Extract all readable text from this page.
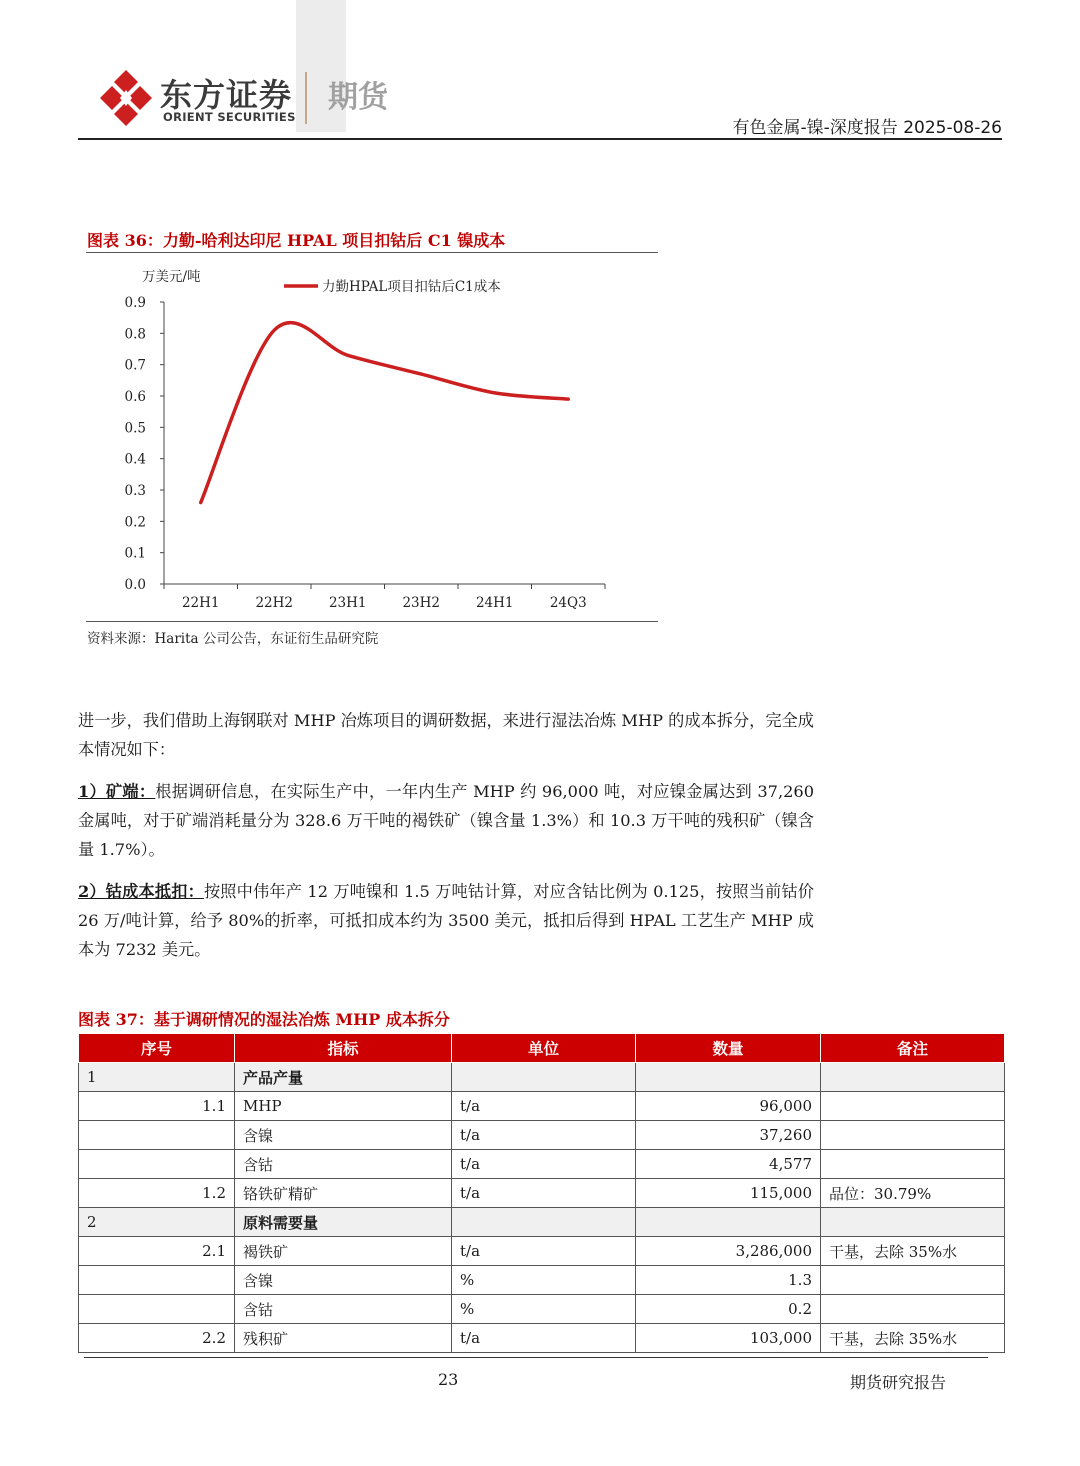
东方证券
ORIENT SECURITIES
期货
有色金属-镍-深度报告 2025-08-26
图表 36：力勤-哈利达印尼 HPAL 项目扣钴后 C1 镍成本
万美元/吨
力勤HPAL项目扣钴后C1成本
0.0
0.1
0.2
0.3
0.4
0.5
0.6
0.7
0.8
0.9
22H1	22H2	23H1	23H2	24H1	24Q3
资料来源：Harita 公司公告，东证衍生品研究院
进一步，我们借助上海钢联对 MHP 冶炼项目的调研数据，来进行湿法冶炼 MHP 的成本拆分，完全成本情况如下：
1）矿端：根据调研信息，在实际生产中，一年内生产 MHP 约 96,000 吨，对应镍金属达到 37,260 金属吨，对于矿端消耗量分为 328.6 万干吨的褐铁矿（镍含量 1.3%）和 10.3 万干吨的残积矿（镍含量 1.7%）。
2）钴成本抵扣：按照中伟年产 12 万吨镍和 1.5 万吨钴计算，对应含钴比例为 0.125，按照当前钴价 26 万/吨计算，给予 80%的折率，可抵扣成本约为 3500 美元，抵扣后得到 HPAL 工艺生产 MHP 成本为 7232 美元。
图表 37：基于调研情况的湿法冶炼 MHP 成本拆分
序号	指标	单位	数量	备注
1	产品产量			
1.1	MHP	t/a	96,000	
	含镍	t/a	37,260	
	含钴	t/a	4,577	
1.2	铬铁矿精矿	t/a	115,000	品位：30.79%
2	原料需要量			
2.1	褐铁矿	t/a	3,286,000	干基，去除 35%水
	含镍	%	1.3	
	含钴	%	0.2	
2.2	残积矿	t/a	103,000	干基，去除 35%水
23	期货研究报告
